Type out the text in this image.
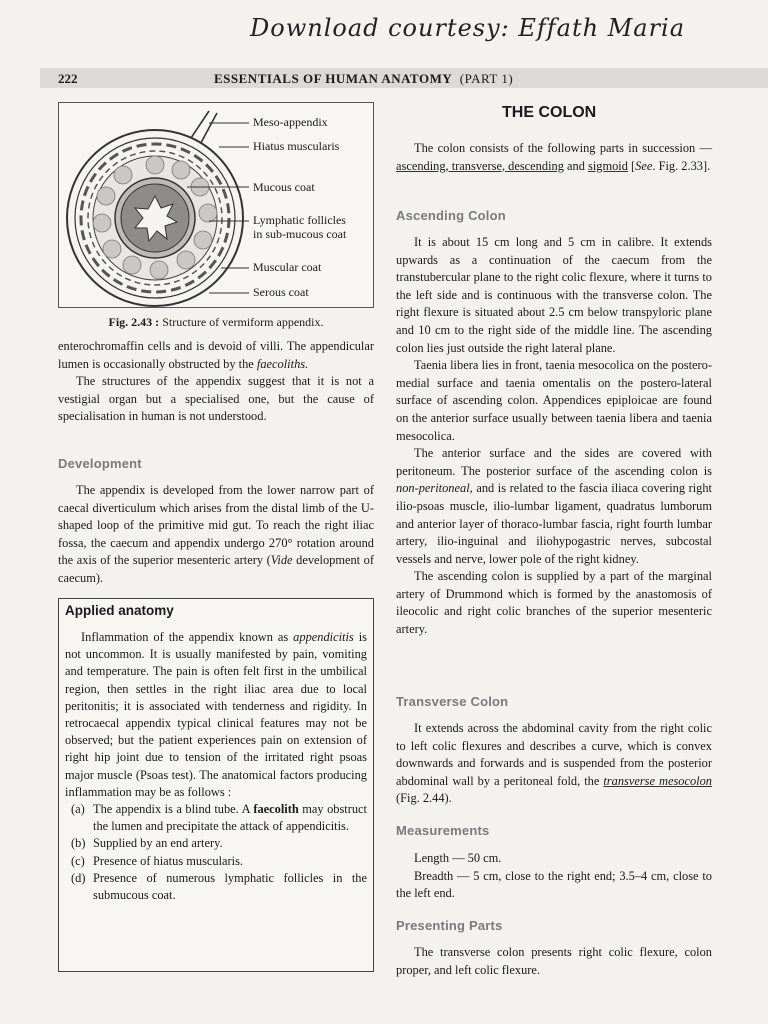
Download courtesy: Effath Maria
222	ESSENTIALS OF HUMAN ANATOMY (PART 1)
Meso-appendix
Hiatus muscularis
Mucous coat
Lymphatic follicles
in sub-mucous coat
Muscular coat
Serous coat
Fig. 2.43 : Structure of vermiform appendix.

enterochromaffin cells and is devoid of villi. The appendicular lumen is occasionally obstructed by the faecoliths.

The structures of the appendix suggest that it is not a vestigial organ but a specialised one, but the cause of specialisation in human is not understood.

Development

The appendix is developed from the lower narrow part of caecal diverticulum which arises from the distal limb of the U-shaped loop of the primitive mid gut. To reach the right iliac fossa, the caecum and appendix undergo 270° rotation around the axis of the superior mesenteric artery (Vide development of caecum).

Applied anatomy

Inflammation of the appendix known as appendicitis is not uncommon. It is usually manifested by pain, vomiting and temperature. The pain is often felt first in the umbilical region, then settles in the right iliac area due to local peritonitis; it is associated with tenderness and rigidity. In retrocaecal appendix typical clinical features may not be observed; but the patient experiences pain on extension of right hip joint due to tension of the irritated right psoas major muscle (Psoas test). The anatomical factors producing inflammation may be as follows :

(a) The appendix is a blind tube. A faecolith may obstruct the lumen and precipitate the attack of appendicitis.
(b) Supplied by an end artery.
(c) Presence of hiatus muscularis.
(d) Presence of numerous lymphatic follicles in the submucous coat.
THE COLON

The colon consists of the following parts in succession — ascending, transverse, descending and sigmoid [See. Fig. 2.33].

Ascending Colon

It is about 15 cm long and 5 cm in calibre. It extends upwards as a continuation of the caecum from the transtubercular plane to the right colic flexure, where it turns to the left side and is continuous with the transverse colon. The right flexure is situated about 2.5 cm below transpyloric plane and 10 cm to the right side of the middle line. The ascending colon lies just outside the right lateral plane.

Taenia libera lies in front, taenia mesocolica on the postero-medial surface and taenia omentalis on the postero-lateral surface of ascending colon. Appendices epiploicae are found on the anterior surface usually between taenia libera and taenia mesocolica.

The anterior surface and the sides are covered with peritoneum. The posterior surface of the ascending colon is non-peritoneal, and is related to the fascia iliaca covering right ilio-psoas muscle, ilio-lumbar ligament, quadratus lumborum and anterior layer of thoraco-lumbar fascia, right fourth lumbar artery, ilio-inguinal and iliohypogastric nerves, subcostal vessels and nerve, lower pole of the right kidney.

The ascending colon is supplied by a part of the marginal artery of Drummond which is formed by the anastomosis of ileocolic and right colic branches of the superior mesenteric artery.

Transverse Colon

It extends across the abdominal cavity from the right colic to left colic flexures and describes a curve, which is convex downwards and forwards and is suspended from the posterior abdominal wall by a peritoneal fold, the transverse mesocolon (Fig. 2.44).

Measurements

Length — 50 cm.

Breadth — 5 cm, close to the right end; 3.5–4 cm, close to the left end.

Presenting Parts

The transverse colon presents right colic flexure, colon proper, and left colic flexure.
